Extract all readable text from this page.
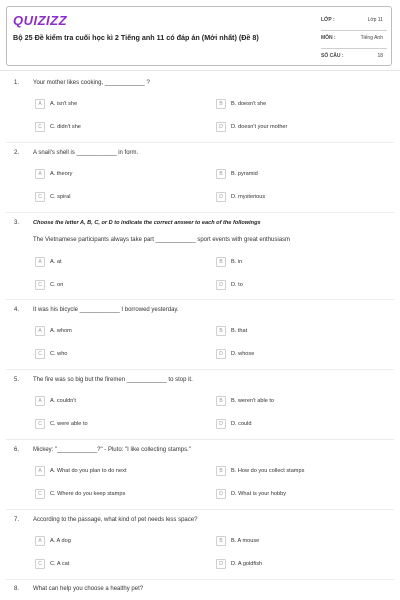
QUIZIZZ
Bộ 25 Đề kiểm tra cuối học kì 2 Tiếng anh 11 có đáp án (Mới nhất) (Đề 8)
LỚP :	Lớp 11
MÔN :	Tiếng Anh
SỐ CÂU :	18
1. Your mother likes cooking, ____________ ?
A	A. isn't she	B	B. doesn't she
C	C. didn't she	D	D. doesn't your mother
2. A snail's shell is ____________ in form.
A	A. theory	B	B. pyramid
C	C. spiral	D	D. mysterious
3. Choose the letter A, B, C, or D to indicate the correct answer to each of the followings
The Vietnamese participants always take part ____________ sport events with great enthusiasm
A	A. at	B	B. in
C	C. on	D	D. to
4. It was his bicycle ____________ I borrowed yesterday.
A	A. whom	B	B. that
C	C. who	D	D. whose
5. The fire was so big but the firemen ____________ to stop it.
A	A. couldn't	B	B. weren't able to
C	C. were able to	D	D. could
6. Mickey: "____________?" - Pluto: "I like collecting stamps."
A	A. What do you plan to do next	B	B. How do you collect stamps
C	C. Where do you keep stamps	D	D. What is your hobby
7. According to the passage, what kind of pet needs less space?
A	A. A dog	B	B. A mouse
C	C. A cat	D	D. A goldfish
8. What can help you choose a healthy pet?
